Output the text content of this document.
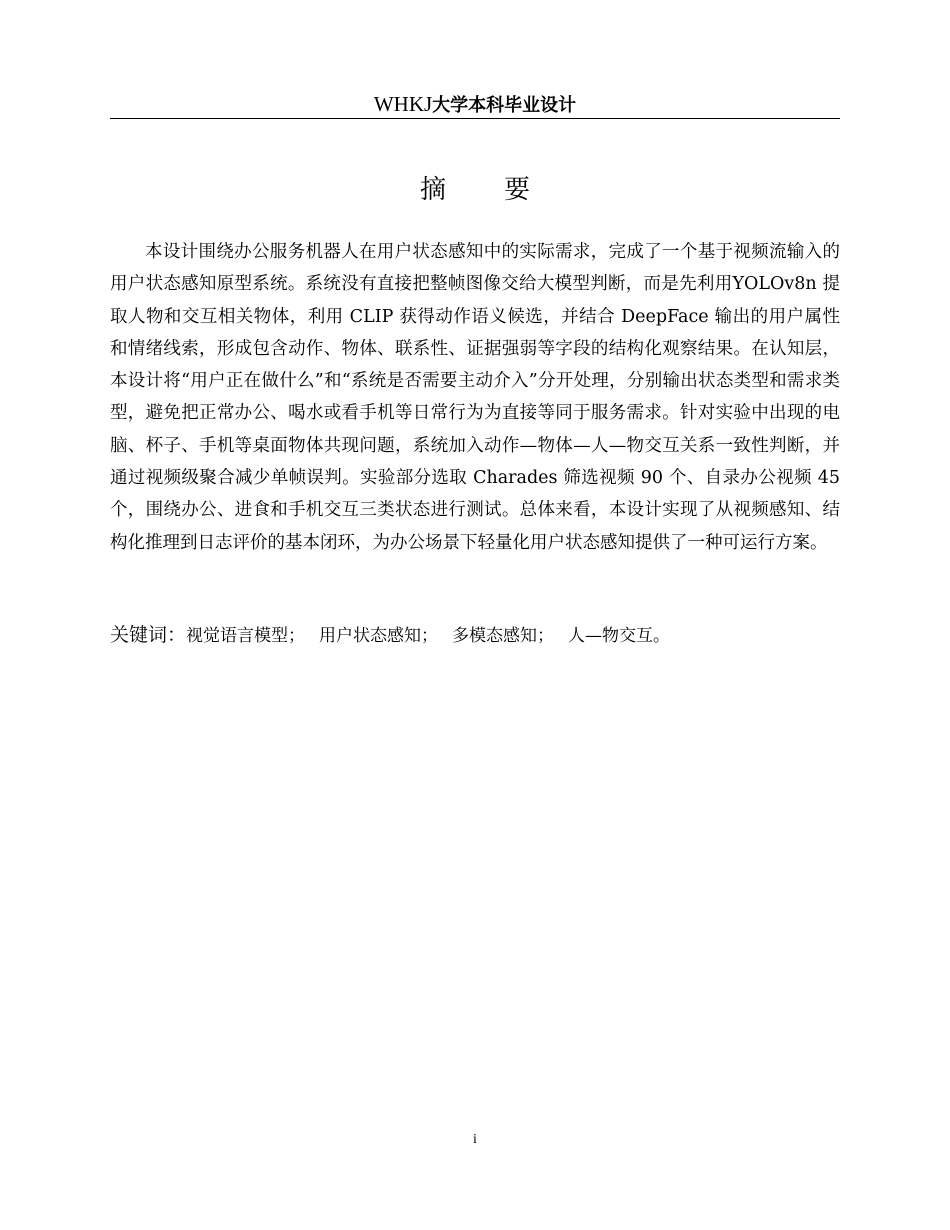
WHKJ大学本科毕业设计
摘 要

本设计围绕办公服务机器人在用户状态感知中的实际需求，完成了一个基于视频流输入的用户状态感知原型系统。系统没有直接把整帧图像交给大模型判断，而是先利用YOLOv8n 提取人物和交互相关物体，利用 CLIP 获得动作语义候选，并结合 DeepFace 输出的用户属性和情绪线索，形成包含动作、物体、联系性、证据强弱等字段的结构化观察结果。在认知层，本设计将“用户正在做什么”和“系统是否需要主动介入”分开处理，分别输出状态类型和需求类型，避免把正常办公、喝水或看手机等日常行为为直接等同于服务需求。针对实验中出现的电脑、杯子、手机等桌面物体共现问题，系统加入动作—物体—人—物交互关系一致性判断，并通过视频级聚合减少单帧误判。实验部分选取 Charades 筛选视频 90 个、自录办公视频 45 个，围绕办公、进食和手机交互三类状态进行测试。总体来看，本设计实现了从视频感知、结构化推理到日志评价的基本闭环，为办公场景下轻量化用户状态感知提供了一种可运行方案。

关键词：视觉语言模型； 用户状态感知； 多模态感知； 人—物交互。
i
